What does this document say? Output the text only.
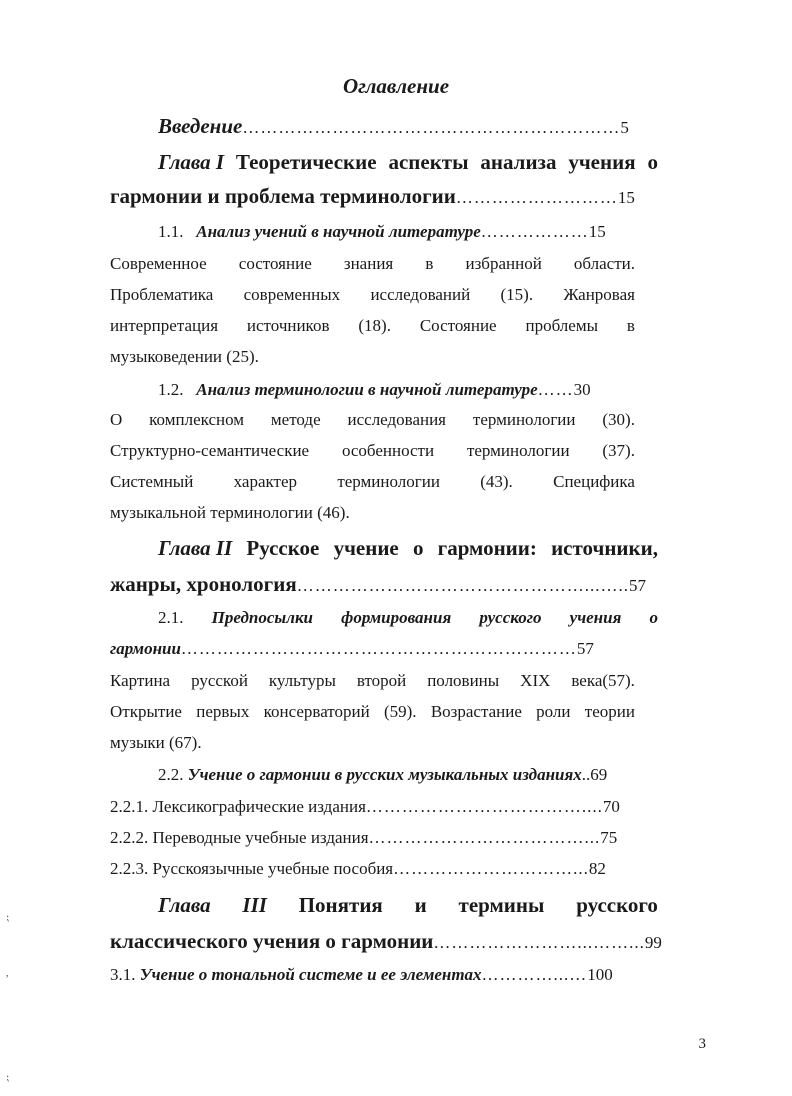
Оглавление
Введение………………………………………………………5
Глава I Теоретические аспекты анализа учения о
гармонии и проблема терминологии………………………15
1.1. Анализ учений в научной литературе………………15
Современное состояние знания в избранной области.
Проблематика современных исследований (15). Жанровая
интерпретация источников (18). Состояние проблемы в
музыковедении (25).
1.2. Анализ терминологии в научной литературе……30
О комплексном методе исследования терминологии (30).
Структурно-семантические особенности терминологии (37).
Системный характер терминологии (43). Специфика
музыкальной терминологии (46).
Глава II Русское учение о гармонии: источники,
жанры, хронология…………………………………………...…..57
2.1. Предпосылки формирования русского учения о
гармонии…………………………………………………………57
Картина русской культуры второй половины XIX века(57).
Открытие первых консерваторий (59). Возрастание роли теории
музыки (67).
2.2. Учение о гармонии в русских музыкальных изданиях..69
2.2.1. Лексикографические издания………………………………....70
2.2.2. Переводные учебные издания………………………………...75
2.2.3. Русскоязычные учебные пособия…………………………...82
Глава III Понятия и термины русского
классического учения о гармонии……………………...……...99
3.1. Учение о тональной системе и ее элементах…………...…100
⁏
,
⁏
3
